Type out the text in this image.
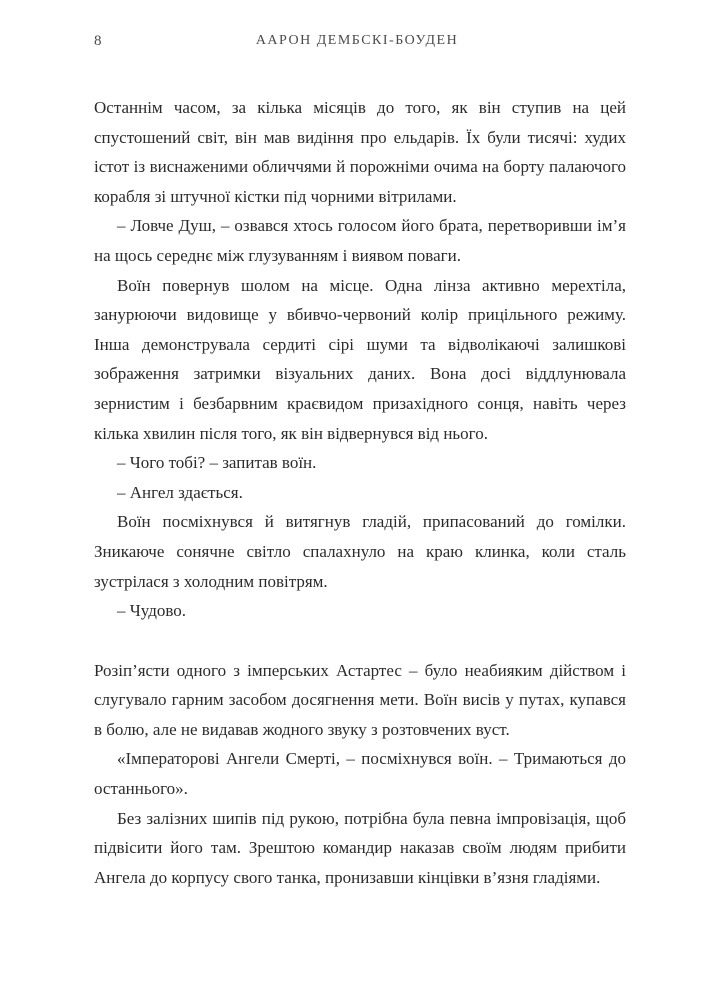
8	ААРОН ДЕМБСКІ-БОУДЕН

Останнім часом, за кілька місяців до того, як він ступив на цей спустошений світ, він мав видіння про ельдарів. Їх були тисячі: худих істот із виснаженими обличчями й порожніми очима на борту палаючого корабля зі штучної кістки під чорними вітрилами.

– Ловче Душ, – озвався хтось голосом його брата, перетворивши ім’я на щось середнє між глузуванням і виявом поваги.

Воїн повернув шолом на місце. Одна лінза активно мерехтіла, занурюючи видовище у вбивчо-червоний колір прицільного режиму. Інша демонструвала сердиті сірі шуми та відволікаючі залишкові зображення затримки візуальних даних. Вона досі віддлунювала зернистим і безбарвним краєвидом призахідного сонця, навіть через кілька хвилин після того, як він відвернувся від нього.

– Чого тобі? – запитав воїн.

– Ангел здається.

Воїн посміхнувся й витягнув гладій, припасований до гомілки. Зникаюче сонячне світло спалахнуло на краю клинка, коли сталь зустрілася з холодним повітрям.

– Чудово.

Розіп’ясти одного з імперських Астартес – було неабияким дійством і слугувало гарним засобом досягнення мети. Воїн висів у путах, купався в болю, але не видавав жодного звуку з розтовчених вуст.

«Імператорові Ангели Смерті, – посміхнувся воїн. – Тримаються до останнього».

Без залізних шипів під рукою, потрібна була певна імпровізація, щоб підвісити його там. Зрештою командир наказав своїм людям прибити Ангела до корпусу свого танка, пронизавши кінцівки в’язня гладіями.
